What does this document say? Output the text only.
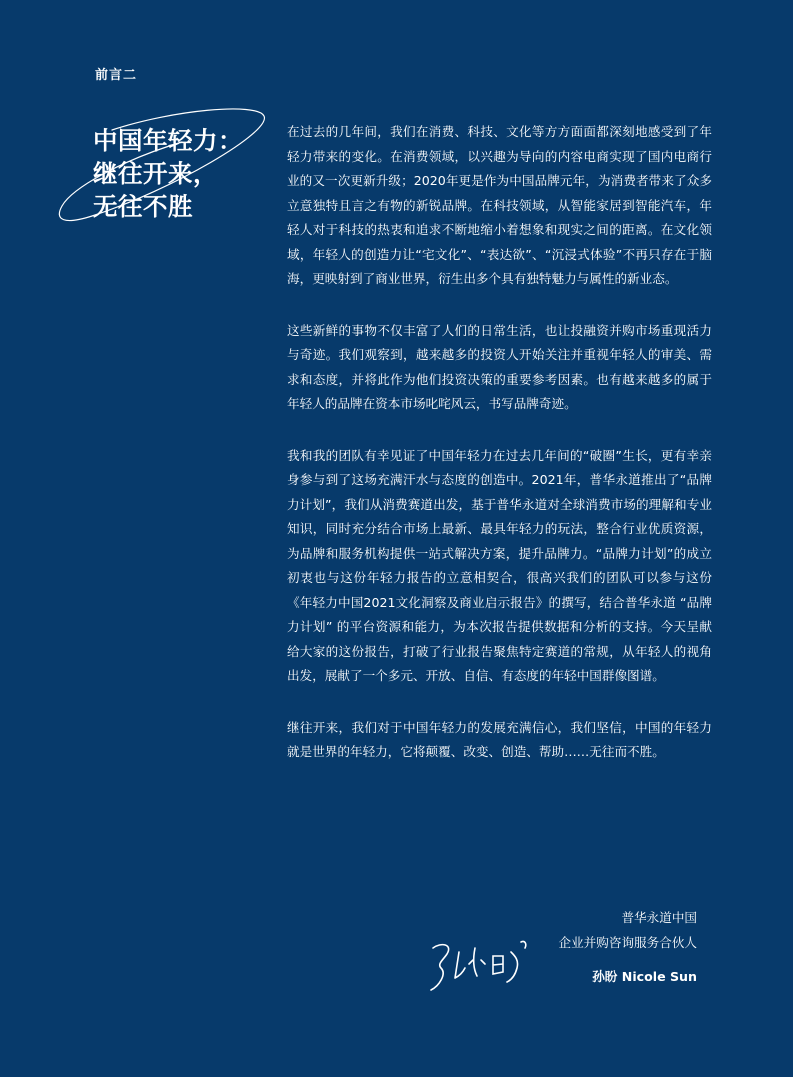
前言二
中国年轻力：
继往开来，
无往不胜

在过去的几年间，我们在消费、科技、文化等方方面面都深刻地感受到了年轻力带来的变化。在消费领域，以兴趣为导向的内容电商实现了国内电商行业的又一次更新升级；2020年更是作为中国品牌元年，为消费者带来了众多立意独特且言之有物的新锐品牌。在科技领域，从智能家居到智能汽车，年轻人对于科技的热衷和追求不断地缩小着想象和现实之间的距离。在文化领域，年轻人的创造力让“宅文化”、“表达欲”、“沉浸式体验”不再只存在于脑海，更映射到了商业世界，衍生出多个具有独特魅力与属性的新业态。

这些新鲜的事物不仅丰富了人们的日常生活，也让投融资并购市场重现活力与奇迹。我们观察到，越来越多的投资人开始关注并重视年轻人的审美、需求和态度，并将此作为他们投资决策的重要参考因素。也有越来越多的属于年轻人的品牌在资本市场叱咤风云，书写品牌奇迹。

我和我的团队有幸见证了中国年轻力在过去几年间的“破圈”生长，更有幸亲身参与到了这场充满汗水与态度的创造中。2021年，普华永道推出了“品牌力计划”，我们从消费赛道出发，基于普华永道对全球消费市场的理解和专业知识，同时充分结合市场上最新、最具年轻力的玩法，整合行业优质资源，为品牌和服务机构提供一站式解决方案，提升品牌力。“品牌力计划”的成立初衷也与这份年轻力报告的立意相契合，很高兴我们的团队可以参与这份《年轻力中国2021文化洞察及商业启示报告》的撰写，结合普华永道 “品牌力计划” 的平台资源和能力，为本次报告提供数据和分析的支持。今天呈献给大家的这份报告，打破了行业报告聚焦特定赛道的常规，从年轻人的视角出发，展献了一个多元、开放、自信、有态度的年轻中国群像图谱。

继往开来，我们对于中国年轻力的发展充满信心，我们坚信，中国的年轻力就是世界的年轻力，它将颠覆、改变、创造、帮助……无往而不胜。

普华永道中国
企业并购咨询服务合伙人
孙盼 Nicole Sun
